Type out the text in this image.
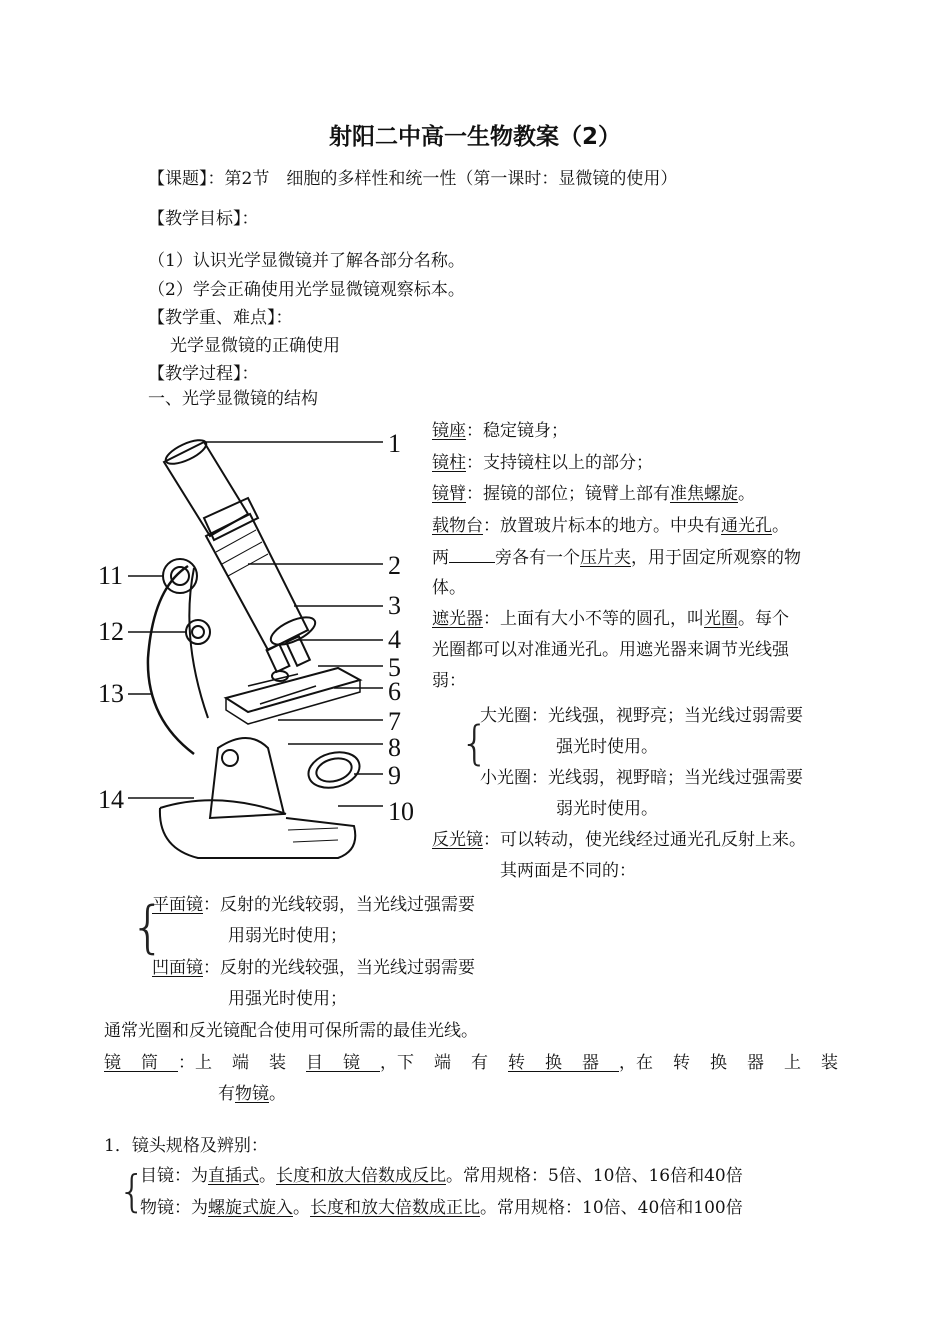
射阳二中高一生物教案（2）
【课题】：第2节　细胞的多样性和统一性（第一课时：显微镜的使用）
【教学目标】：
（1）认识光学显微镜并了解各部分名称。
（2）学会正确使用光学显微镜观察标本。
【教学重、难点】：
光学显微镜的正确使用
【教学过程】：
一、光学显微镜的结构
1
2
3
4
5
6
7
8
9
10
11
12
13
14
镜座：稳定镜身；
镜柱：支持镜柱以上的部分；
镜臂：握镜的部位；镜臂上部有准焦螺旋。
载物台：放置玻片标本的地方。中央有通光孔。
两	旁各有一个压片夹，用于固定所观察的物
体。
遮光器：上面有大小不等的圆孔，叫光圈。每个
光圈都可以对准通光孔。用遮光器来调节光线强
弱：
{
大光圈：光线强，视野亮；当光线过弱需要
强光时使用。
小光圈：光线弱，视野暗；当光线过强需要
弱光时使用。
反光镜：可以转动，使光线经过通光孔反射上来。
其两面是不同的：
{
平面镜：反射的光线较弱，当光线过强需要
用弱光时使用；
凹面镜：反射的光线较强，当光线过弱需要
用强光时使用；
通常光圈和反光镜配合使用可保所需的最佳光线。
镜筒 ： 上端装 目镜 ， 下端有 转换器 ， 在转换器上装
有物镜。
1．镜头规格及辨别：
{
目镜：为直插式。长度和放大倍数成反比。常用规格：5倍、10倍、16倍和40倍
物镜：为螺旋式旋入。长度和放大倍数成正比。常用规格：10倍、40倍和100倍
